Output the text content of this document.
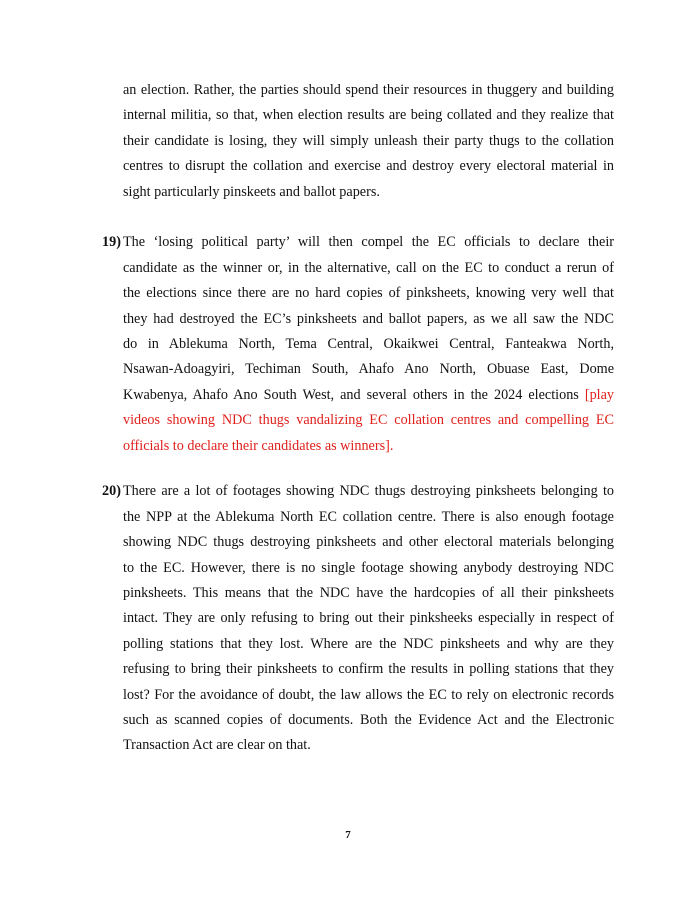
an election. Rather, the parties should spend their resources in thuggery and building
internal militia, so that, when election results are being collated and they realize that
their candidate is losing, they will simply unleash their party thugs to the collation
centres to disrupt the collation and exercise and destroy every electoral material in
sight particularly pinskeets and ballot papers.
19) The ‘losing political party’ will then compel the EC officials to declare their
candidate as the winner or, in the alternative, call on the EC to conduct a rerun of
the elections since there are no hard copies of pinksheets, knowing very well that
they had destroyed the EC’s pinksheets and ballot papers, as we all saw the NDC
do in Ablekuma North, Tema Central, Okaikwei Central, Fanteakwa North,
Nsawan-Adoagyiri, Techiman South, Ahafo Ano North, Obuase East, Dome
Kwabenya, Ahafo Ano South West, and several others in the 2024 elections [play
videos showing NDC thugs vandalizing EC collation centres and compelling EC
officials to declare their candidates as winners].
20) There are a lot of footages showing NDC thugs destroying pinksheets belonging to
the NPP at the Ablekuma North EC collation centre. There is also enough footage
showing NDC thugs destroying pinksheets and other electoral materials belonging
to the EC. However, there is no single footage showing anybody destroying NDC
pinksheets. This means that the NDC have the hardcopies of all their pinksheets
intact. They are only refusing to bring out their pinksheeks especially in respect of
polling stations that they lost. Where are the NDC pinksheets and why are they
refusing to bring their pinksheets to confirm the results in polling stations that they
lost? For the avoidance of doubt, the law allows the EC to rely on electronic records
such as scanned copies of documents. Both the Evidence Act and the Electronic
Transaction Act are clear on that.
7
